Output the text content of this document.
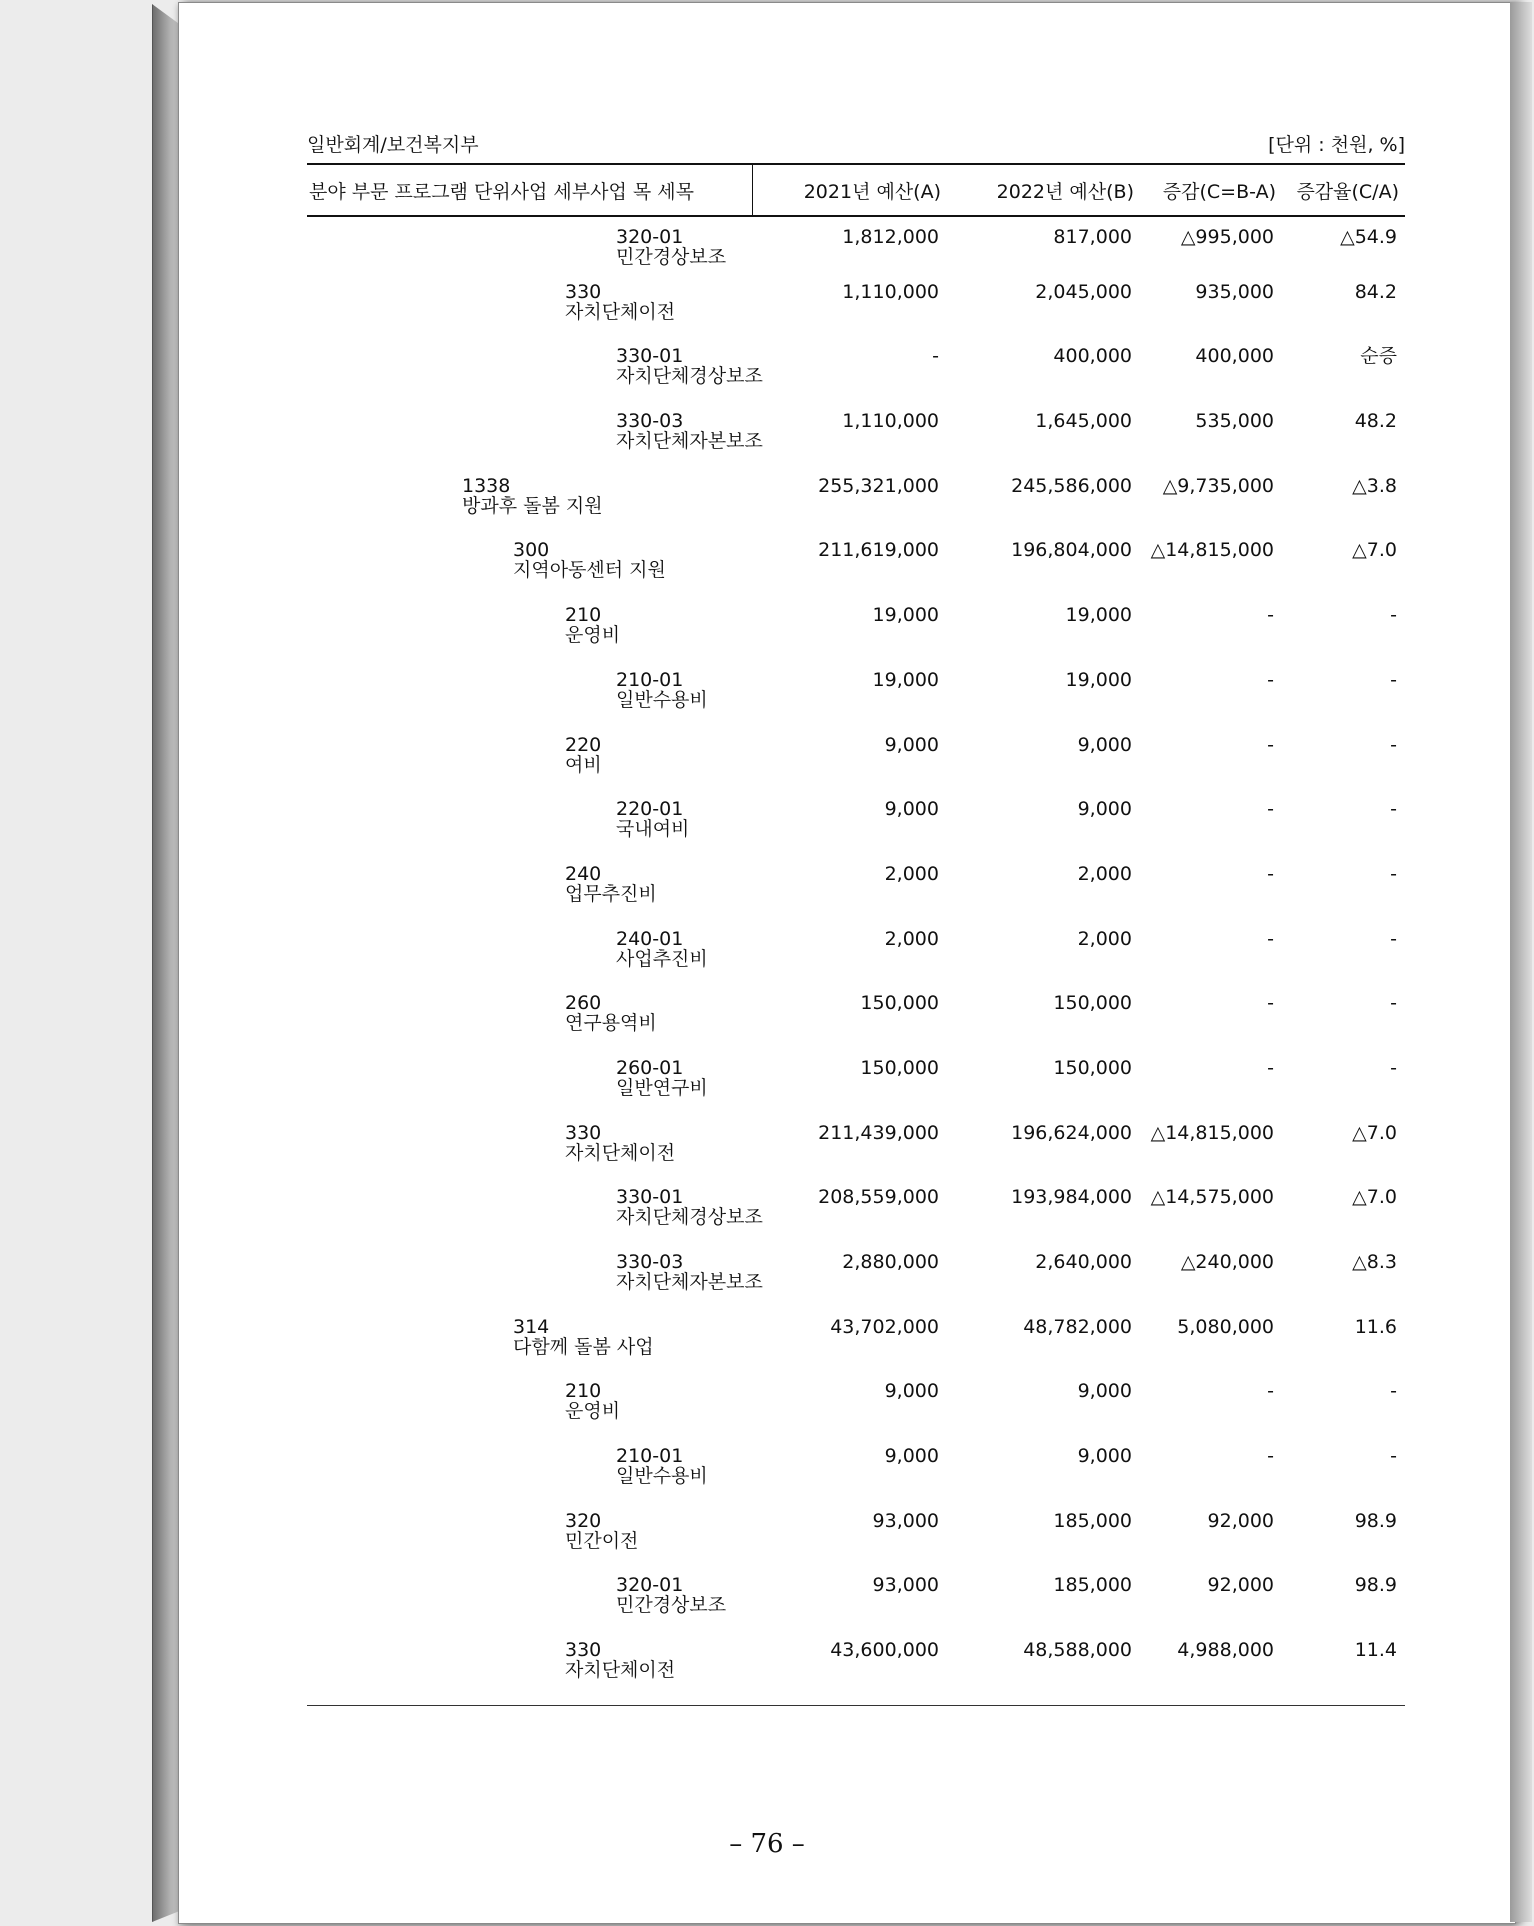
일반회계/보건복지부	[단위 : 천원, %]
분야 부문 프로그램 단위사업 세부사업 목 세목	2021년 예산(A)	2022년 예산(B)	증감(C=B-A)	증감율(C/A)

320-01
민간경상보조	1,812,000	817,000	△995,000	△54.9

330
자치단체이전	1,110,000	2,045,000	935,000	84.2

330-01
자치단체경상보조	-	400,000	400,000	순증

330-03
자치단체자본보조	1,110,000	1,645,000	535,000	48.2

1338
방과후 돌봄 지원	255,321,000	245,586,000	△9,735,000	△3.8

300
지역아동센터 지원	211,619,000	196,804,000	△14,815,000	△7.0

210
운영비	19,000	19,000	-	-

210-01
일반수용비	19,000	19,000	-	-

220
여비	9,000	9,000	-	-

220-01
국내여비	9,000	9,000	-	-

240
업무추진비	2,000	2,000	-	-

240-01
사업추진비	2,000	2,000	-	-

260
연구용역비	150,000	150,000	-	-

260-01
일반연구비	150,000	150,000	-	-

330
자치단체이전	211,439,000	196,624,000	△14,815,000	△7.0

330-01
자치단체경상보조	208,559,000	193,984,000	△14,575,000	△7.0

330-03
자치단체자본보조	2,880,000	2,640,000	△240,000	△8.3

314
다함께 돌봄 사업	43,702,000	48,782,000	5,080,000	11.6

210
운영비	9,000	9,000	-	-

210-01
일반수용비	9,000	9,000	-	-

320
민간이전	93,000	185,000	92,000	98.9

320-01
민간경상보조	93,000	185,000	92,000	98.9

330
자치단체이전	43,600,000	48,588,000	4,988,000	11.4

– 76 –
